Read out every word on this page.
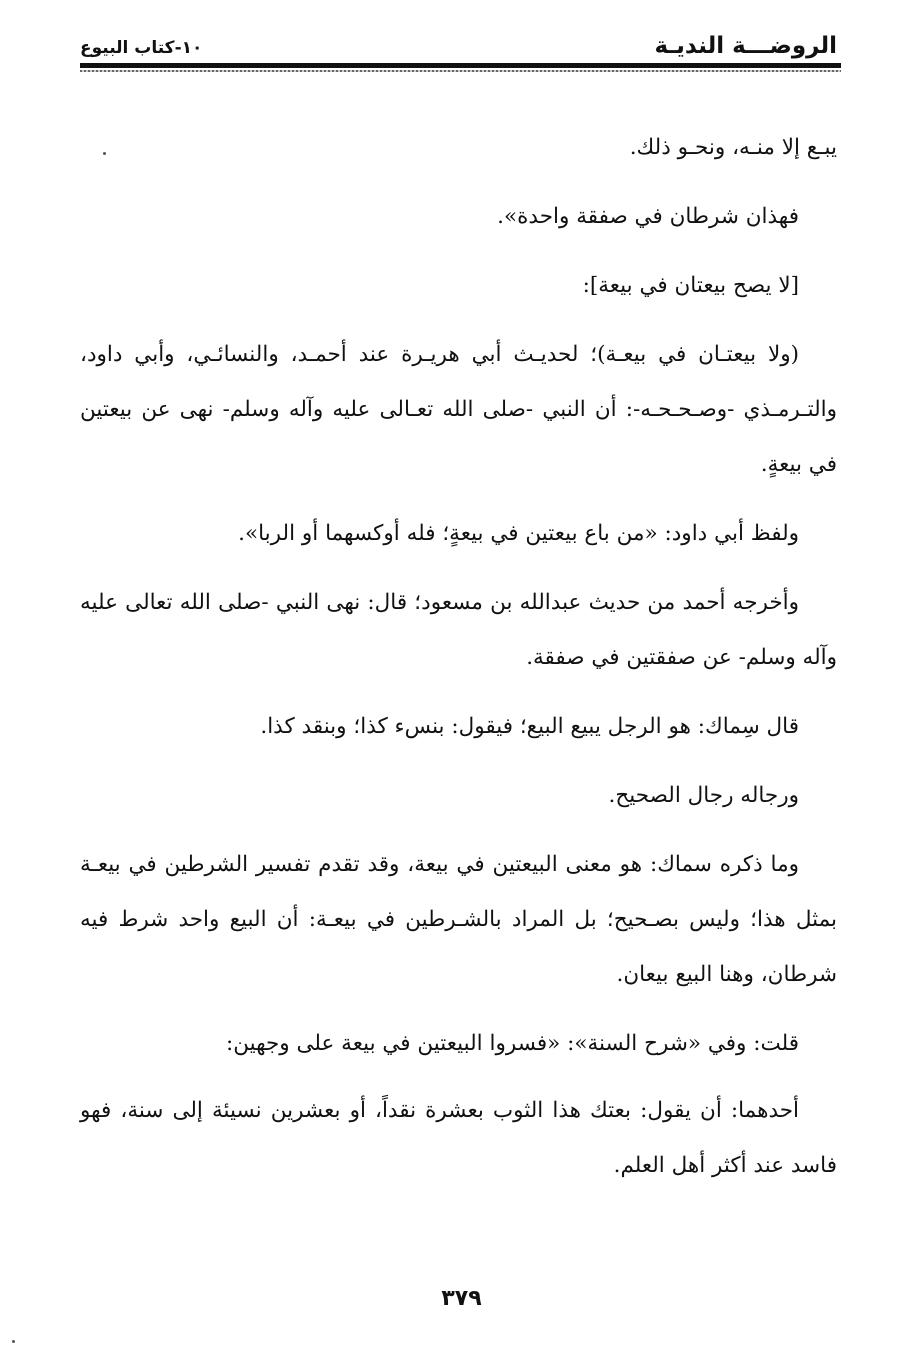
الروضـــة النديـة
١٠-كتاب البيوع

يبـع إلا منـه، ونحـو ذلك.

فهذان شرطان في صفقة واحدة».

[لا يصح بيعتان في بيعة]:

(ولا بيعتـان في بيعـة)؛ لحديـث أبي هريـرة عند أحمـد، والنسائـي، وأبي داود، والتـرمـذي -وصـحـحـه-: أن النبي -صلى الله تعـالى عليه وآله وسلم- نهى عن بيعتين في بيعةٍ.

ولفظ أبي داود: «من باع بيعتين في بيعةٍ؛ فله أوكسهما أو الربا».

وأخرجه أحمد من حديث عبدالله بن مسعود؛ قال: نهى النبي -صلى الله تعالى عليه وآله وسلم- عن صفقتين في صفقة.

قال سِماك: هو الرجل يبيع البيع؛ فيقول: بنسء كذا؛ وبنقد كذا.

ورجاله رجال الصحيح.

وما ذكره سماك: هو معنى البيعتين في بيعة، وقد تقدم تفسير الشرطين في بيعـة بمثل هذا؛ وليس بصـحيح؛ بل المراد بالشـرطين في بيعـة: أن البيع واحد شرط فيه شرطان، وهنا البيع بيعان.

قلت: وفي «شرح السنة»: «فسروا البيعتين في بيعة على وجهين:

أحدهما: أن يقول: بعتك هذا الثوب بعشرة نقداً، أو بعشرين نسيئة إلى سنة، فهو فاسد عند أكثر أهل العلم.

٣٧٩
